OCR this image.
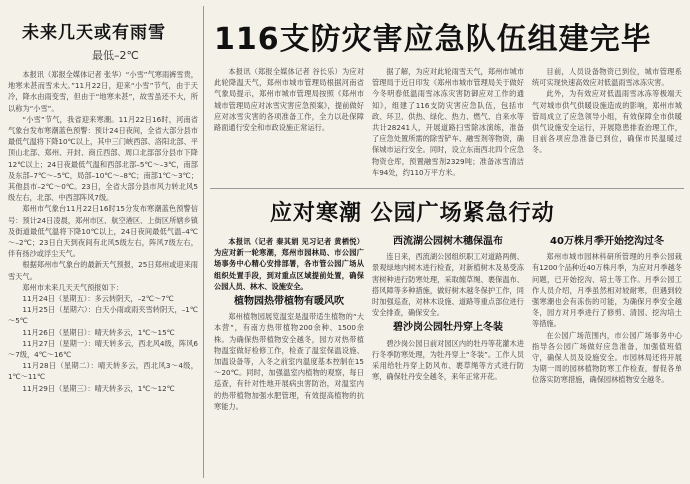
未来几天或有雨雪
最低–2℃

本报讯（郑报全媒体记者 张华）“小雪”气寒雨裤雪贵，地寒未甚而雪未大。”11月22日，迎来“小雪”节气，由于天冷，降水由雨变雪，但由于“地寒未甚”，故雪虽还不大，所以称为“小雪”。

“小雪”节气，我省迎来寒潮。11月22日16时，河南省气象台发布寒潮蓝色预警：预计24日夜间，全省大部分县市最低气温将下降10℃以上，其中三门峡西部、洛阳北部、平顶山北部、郑州、开封、商丘西部、周口北部部分县市下降12℃以上；24日夜最低气温和西部北部–5℃～–3℃，南部及东部–7℃～–5℃，局部–10℃～–8℃；南部1℃～3℃；其他县市–2℃～0℃。23日，全省大部分县市风力转北风5级左右，北部、中西部阵风7级。

郑州市气象台11月22日16时15分发布寒潮蓝色预警信号：预计24日凌晨，郑州市区、航空港区、上街区所辖乡镇及街道最低气温将下降10℃以上，24日夜间最低气温–4℃～–2℃；23日白天到夜间有北风5级左右，阵风7级左右，伴有扬沙或浮尘天气。

根据郑州市气象台的最新天气预报，25日郑州或迎来雨雪天气。

郑州市未来几天天气预报如下：

11月24日（星期五）：多云转阴天，–2℃～7℃

11月25日（星期六）：白天小雨或雨夹雪转阴天，–1℃～5℃

11月26日（星期日）：晴天转多云，1℃～15℃

11月27日（星期一）：晴天转多云，西北风4级，阵风6～7级，4℃～16℃

11月28日（星期二）：晴天转多云，西北风3～4级，1℃～11℃

11月29日（星期三）：晴天转多云，1℃～12℃

116支防灾害应急队伍组建完毕

本报讯（郑报全媒体记者 谷长乐）为应对此轮降温天气，郑州市城市管理局根据河南省气象局提示，郑州市城市管理局按照《郑州市城市管理局应对冰雪灾害应急预案》，提前做好应对冰雪灾害的各项准备工作，全力以赴保障路面通行安全和市政设施正常运行。

据了解，为应对此轮雨雪天气，郑州市城市管理局于近日印发《郑州市城市管理局关于做好今冬明春低温雨雪冰冻灾害防御应对工作的通知》，组建了116支防灾害应急队伍，包括市政、环卫、供热、绿化、热力、燃气、自来水等共计28241人，开展道路扫雪除冰演练，准备了应急处置所需的除雪铲车、融雪剂等物资，确保城市运行安全。同时，设立东南西北四个应急物资仓库，预置融雪剂2329吨；准备冰雪清洁车94处，约110万平方米。

目前，人员设备物资已到位，城市管理系统可实现快速高效应对低温雨雪冰冻灾害。

此外，为有效应对低温雨雪冰冻等极端天气对城市供气供暖设施造成的影响，郑州市城管局成立了应急领导小组，有效保障全市供暖供气设施安全运行，开展隐患排查治理工作，目前各项应急准备已到位，确保市民温暖过冬。

应对寒潮 公园广场紧急行动

本报讯（记者 秦其娟 见习记者 黄栖悦）为应对新一轮寒潮，郑州市园林局、市公园广场事务中心精心安排部署，各市管公园广场从组织处置手段，到对重点区域提前处置，确保公园人员、林木、设施安全。

植物园热带植物有暖风吹

郑州植物园展览温室是温带适生植物的“大本营”，有南方热带植物200余种、1500余株。为确保热带植物安全越冬，园方对热带植物温室做好检修工作，检查了温室保温设施、加温设备等，入冬之前室内温度基本控制在15～20℃。同时，加强温室内植物的观察，每日巡查，有针对性地开展病虫害防治，对温室内的热带植物加强水肥管理，有效提高植物的抗寒能力。

西流湖公园树木穗保温布

连日来，西流湖公园组织职工对道路两侧、景观绿地内树木进行检查，对新植树木及易受冻害树种进行防寒处理，采取缠草绳、裹保温布、搭风障等多种措施，做好树木越冬保护工作，同时加强巡查，对林木设施、道路等重点部位进行安全排查，确保安全。

碧沙岗公园牡丹穿上冬装

碧沙岗公园日前对园区内的牡丹等花灌木进行冬季防寒处理，为牡丹穿上“冬装”。工作人员采用给牡丹穿上防风布、裹草绳等方式进行防寒，确保牡丹安全越冬，来年正常开花。

40万株月季开始挖沟过冬

郑州市城市园林科研所管理的月季公园栽有1200个品种近40万株月季，为应对月季越冬问题，已开始挖沟、培土等工作。月季公园工作人员介绍，月季虽然相对较耐寒，但遇到较强寒潮也会有冻伤的可能，为确保月季安全越冬，园方对月季进行了修剪、清园、挖沟培土等措施。

在公园广场范围内，市公园广场事务中心指导各公园广场做好应急准备，加强值班值守，确保人员及设施安全。市园林局还将开展为期一周的园林植物防寒工作检查，督促各单位落实防寒措施，确保园林植物安全越冬。
